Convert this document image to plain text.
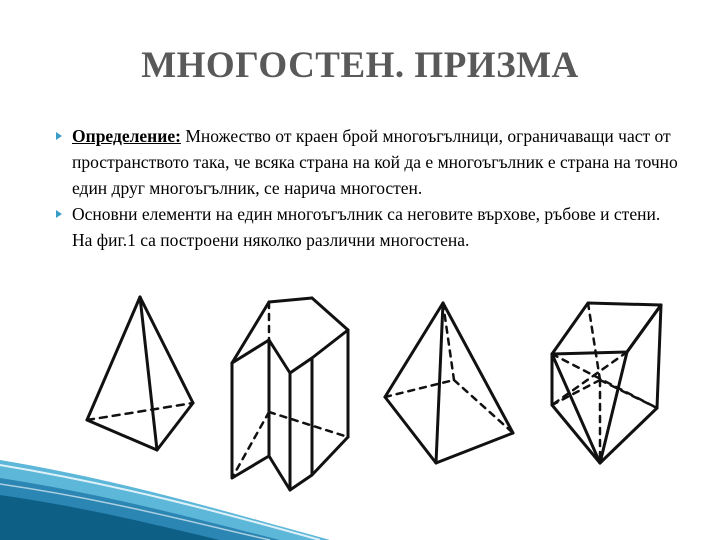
МНОГОСТЕН. ПРИЗМА
Определение: Множество от краен брой многоъгълници, ограничаващи част от пространството така, че всяка страна на кой да е многоъгълник е страна на точно един друг многоъгълник, се нарича многостен.
Основни елементи на един многоъгълник са неговите върхове, ръбове и стени. На фиг.1 са построени няколко различни многостена.
